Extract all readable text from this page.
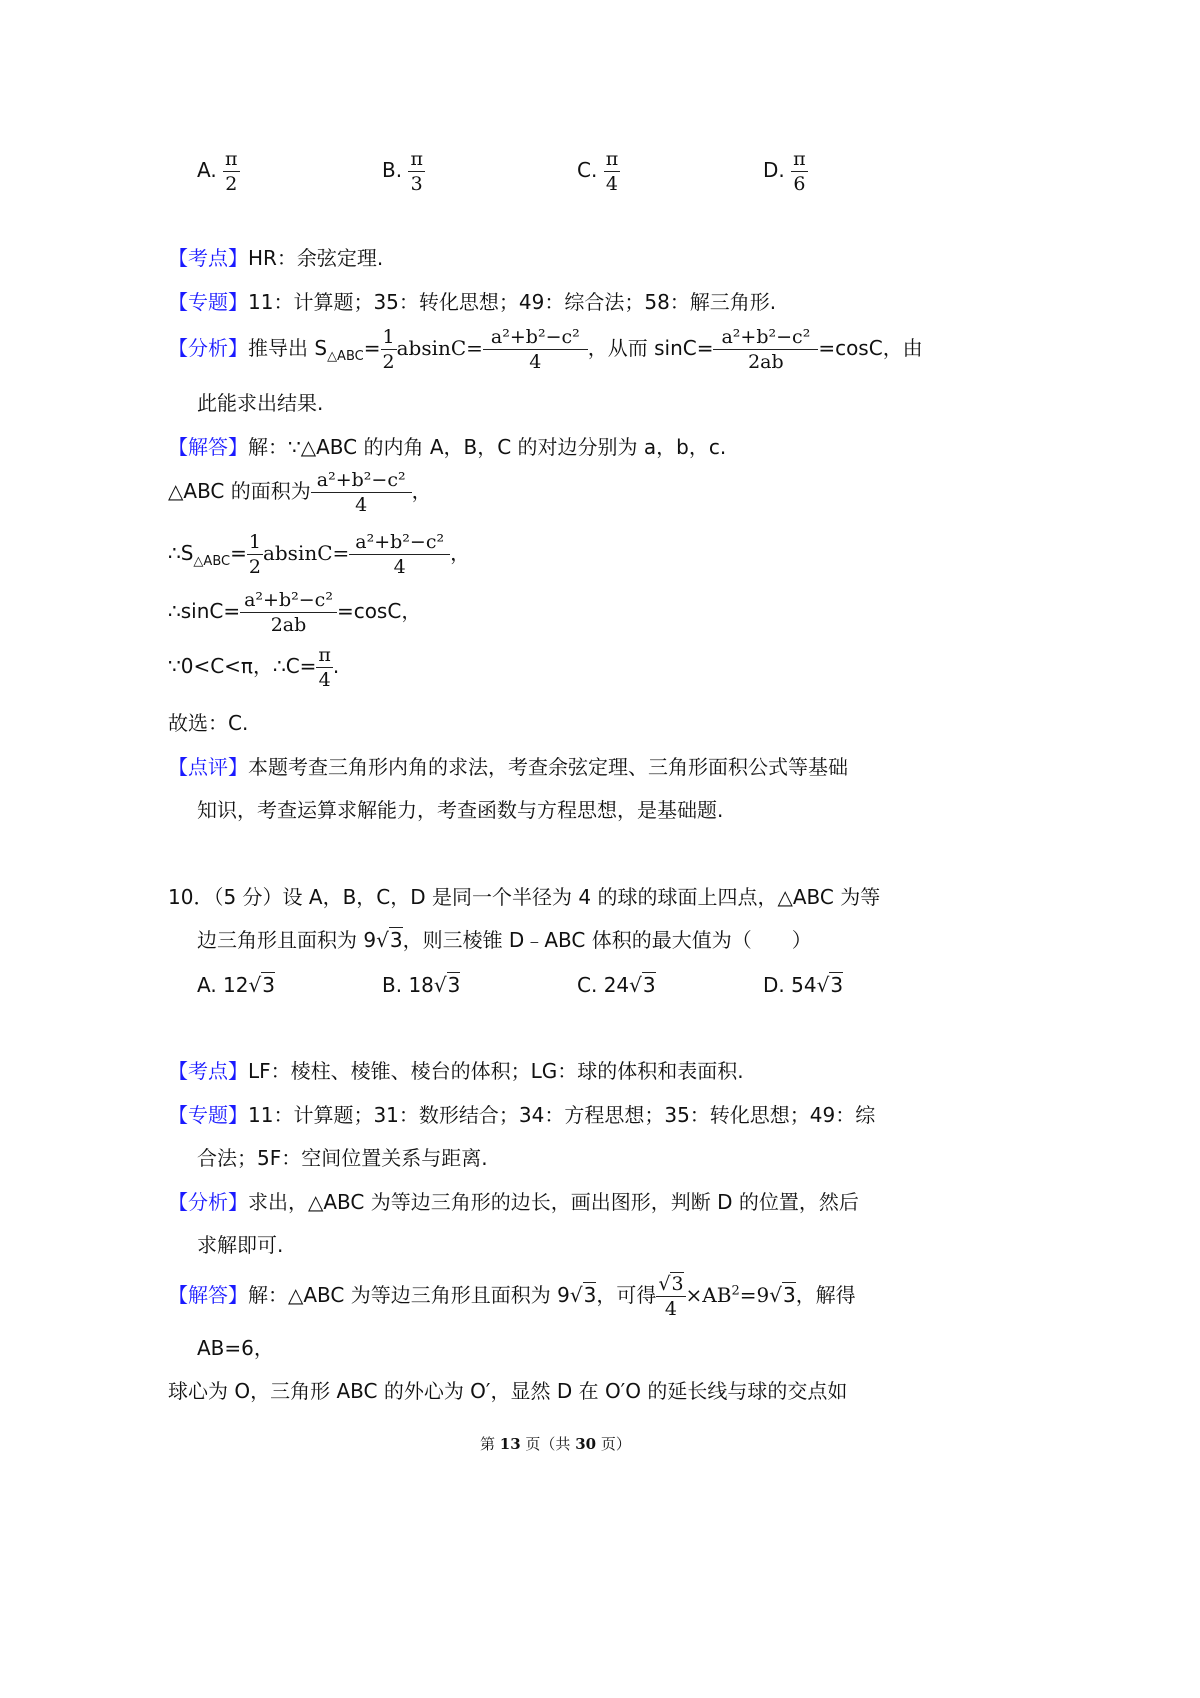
A. $\frac{\pi}{2}$	B. $\frac{\pi}{3}$	C. $\frac{\pi}{4}$	D. $\frac{\pi}{6}$
【考点】HR：余弦定理.
【专题】11：计算题；35：转化思想；49：综合法；58：解三角形.
【分析】推导出 $S_{\triangle ABC}= \frac{1}{2} absinC= \frac{\text{a²+b²−c²}}{4}$ ，从而 $\sin C= \frac{\text{a²+b²−c²}}{2ab} =\cos C$，由
此能求出结果.
【解答】解：∵△ABC 的内角 A，B，C 的对边分别为 a，b，c.
△ABC 的面积为 $\frac{\text{a²+b²−c²}}{4}$ ，
$\therefore S_{\triangle ABC}= \frac{1}{2} absinC= \frac{\text{a²+b²−c²}}{4}$ ，
∴sinC= $\frac{\text{a²+b²−c²}}{2ab} =\cos C$，
∵0<C<π，∴C= $\frac{\pi}{4}$ .
故选：C.
【点评】本题考查三角形内角的求法，考查余弦定理、三角形面积公式等基础
知识，考查运算求解能力，考查函数与方程思想，是基础题.
10．（5 分）设 A，B，C，D 是同一个半径为 4 的球的球面上四点，△ABC 为等
边三角形且面积为 9√3，则三棱锥 D﹣ABC 体积的最大值为（　　）
A. 12√3	B. 18√3	C. 24√3	D. 54√3
【考点】LF：棱柱、棱锥、棱台的体积；LG：球的体积和表面积.
【专题】11：计算题；31：数形结合；34：方程思想；35：转化思想；49：综
合法；5F：空间位置关系与距离.
【分析】求出，△ABC 为等边三角形的边长，画出图形，判断 D 的位置，然后
求解即可.
【解答】解：△ABC 为等边三角形且面积为 9√3，可得 $\frac{√3}{4} \times AB^2=9√3$，解得
AB=6，
球心为 O，三角形 ABC 的外心为 O′，显然 D 在 O′O 的延长线与球的交点如
第 13 页（共 30 页）
